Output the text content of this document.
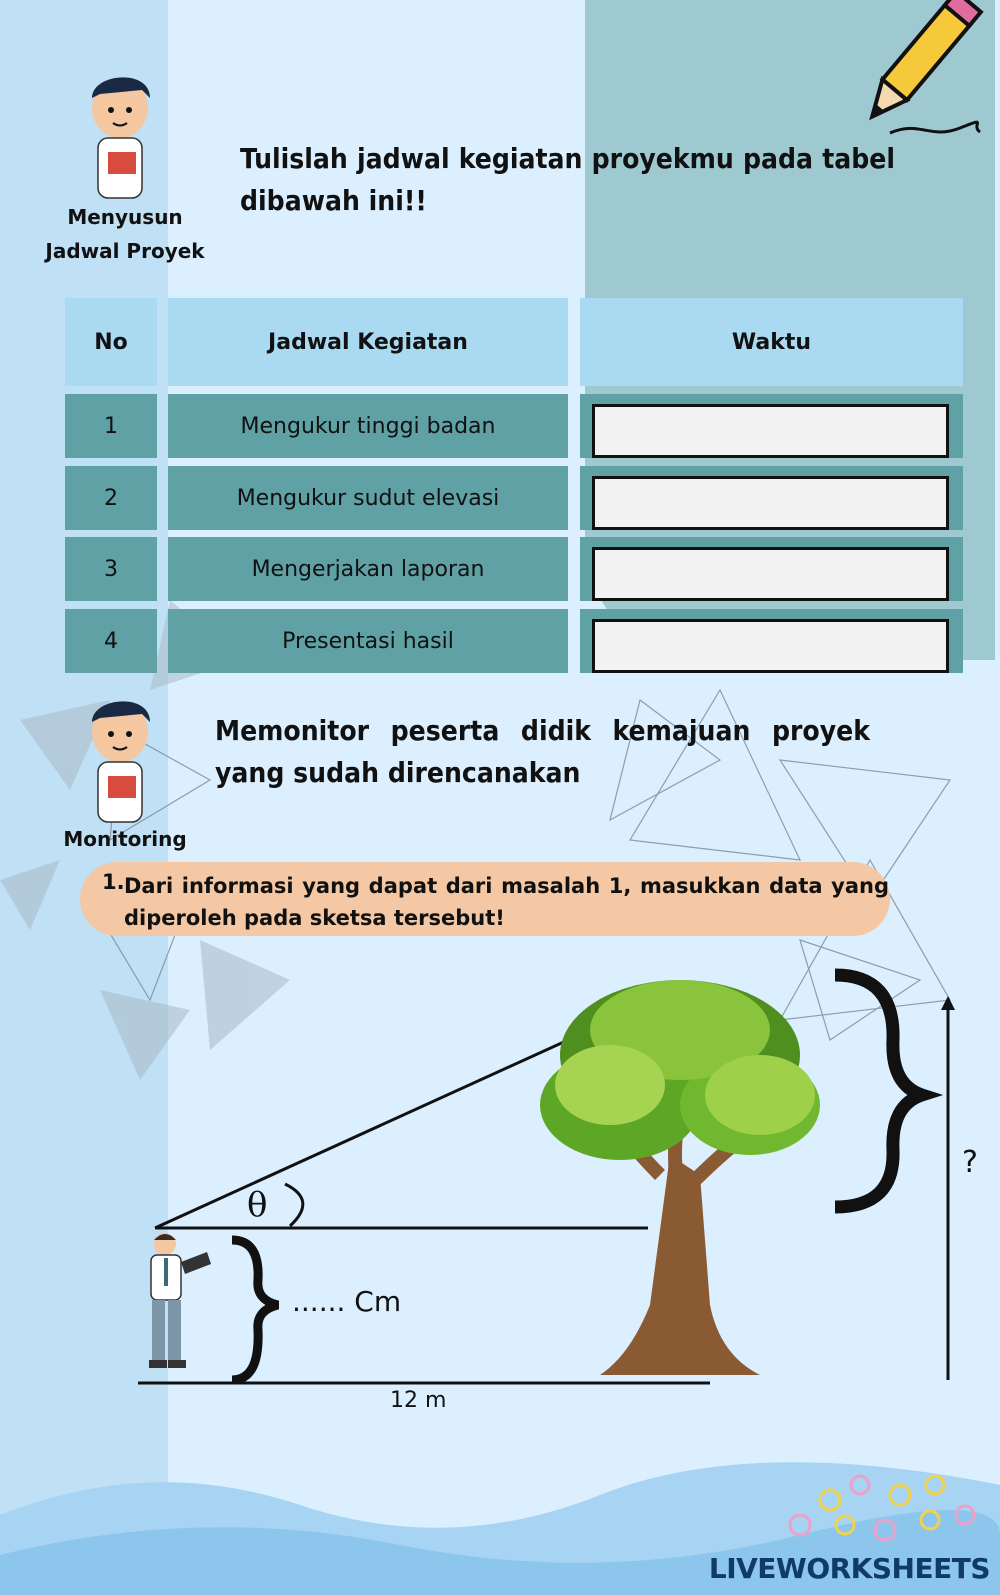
Menyusun Jadwal Proyek
Tulislah jadwal kegiatan proyekmu pada tabel dibawah ini!!
No	Jadwal Kegiatan	Waktu
1	Mengukur tinggi badan
2	Mengukur sudut elevasi
3	Mengerjakan laporan
4	Presentasi hasil
Monitoring
Memonitor peserta didik kemajuan proyek yang sudah direncanakan
1. Dari informasi yang dapat dari masalah 1, masukkan data yang diperoleh pada sketsa tersebut!
θ
...... Cm
12 m
?
LIVEWORKSHEETS
